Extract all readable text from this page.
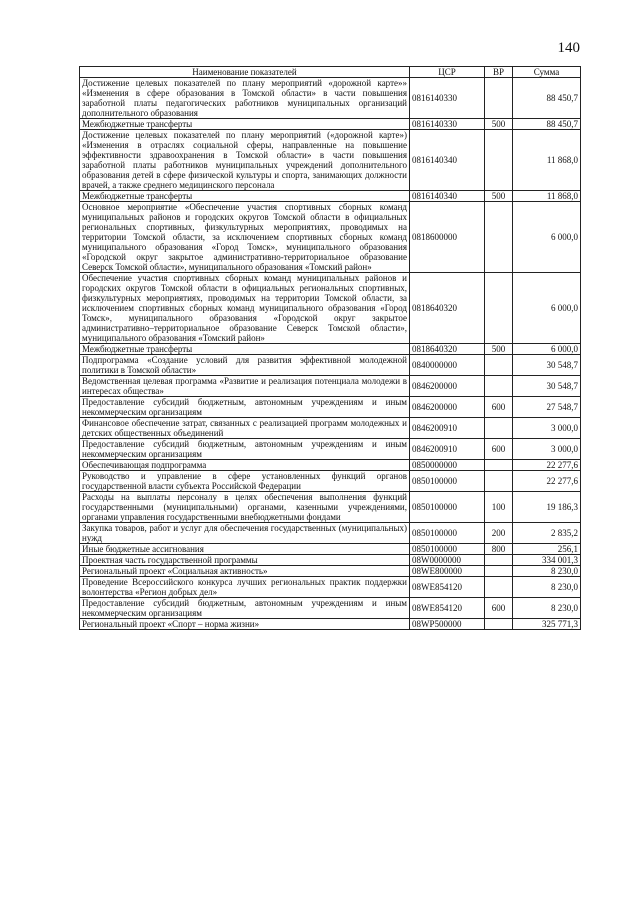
140
Наименование показателей	ЦСР	ВР	Сумма
Достижение целевых показателей по плану мероприятий «дорожной карте»» «Изменения в сфере образования в Томской области» в части повышения заработной платы педагогических работников муниципальных организаций дополнительного образования	0816140330		88 450,7
Межбюджетные трансферты	0816140330	500	88 450,7
Достижение целевых показателей по плану мероприятий («дорожной карте») «Изменения в отраслях социальной сферы, направленные на повышение эффективности здравоохранения в Томской области» в части повышения заработной платы работников муниципальных учреждений дополнительного образования детей в сфере физической культуры и спорта, занимающих должности врачей, а также среднего медицинского персонала	0816140340		11 868,0
Межбюджетные трансферты	0816140340	500	11 868,0
Основное мероприятие «Обеспечение участия спортивных сборных команд муниципальных районов и городских округов Томской области в официальных региональных спортивных, физкультурных мероприятиях, проводимых на территории Томской области, за исключением спортивных сборных команд муниципального образования «Город Томск», муниципального образования «Городской округ закрытое административно-территориальное образование Северск Томской области», муниципального образования «Томский район»	0818600000		6 000,0
Обеспечение участия спортивных сборных команд муниципальных районов и городских округов Томской области в официальных региональных спортивных, физкультурных мероприятиях, проводимых на территории Томской области, за исключением спортивных сборных команд муниципального образования «Город Томск», муниципального образования «Городской округ закрытое административно–территориальное образование Северск Томской области», муниципального образования «Томский район»	0818640320		6 000,0
Межбюджетные трансферты	0818640320	500	6 000,0
Подпрограмма «Создание условий для развития эффективной молодежной политики в Томской области»	0840000000		30 548,7
Ведомственная целевая программа «Развитие и реализация потенциала молодежи в интересах общества»	0846200000		30 548,7
Предоставление субсидий бюджетным, автономным учреждениям и иным некоммерческим организациям	0846200000	600	27 548,7
Финансовое обеспечение затрат, связанных с реализацией программ молодежных и детских общественных объединений	0846200910		3 000,0
Предоставление субсидий бюджетным, автономным учреждениям и иным некоммерческим организациям	0846200910	600	3 000,0
Обеспечивающая подпрограмма	0850000000		22 277,6
Руководство и управление в сфере установленных функций органов государственной власти субъекта Российской Федерации	0850100000		22 277,6
Расходы на выплаты персоналу в целях обеспечения выполнения функций государственными (муниципальными) органами, казенными учреждениями, органами управления государственными внебюджетными фондами	0850100000	100	19 186,3
Закупка товаров, работ и услуг для обеспечения государственных (муниципальных) нужд	0850100000	200	2 835,2
Иные бюджетные ассигнования	0850100000	800	256,1
Проектная часть государственной программы	08W0000000		334 001,3
Региональный проект «Социальная активность»	08WE800000		8 230,0
Проведение Всероссийского конкурса лучших региональных практик поддержки волонтерства «Регион добрых дел»	08WE854120		8 230,0
Предоставление субсидий бюджетным, автономным учреждениям и иным некоммерческим организациям	08WE854120	600	8 230,0
Региональный проект «Спорт – норма жизни»	08WP500000		325 771,3
